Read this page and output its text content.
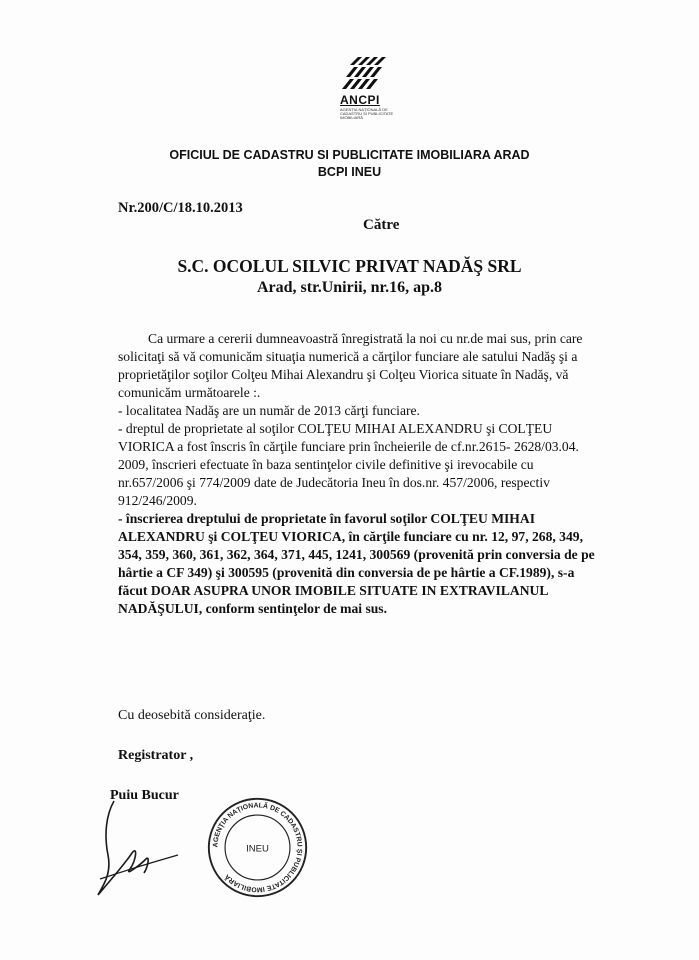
ANCPI
AGENȚIA NAȚIONALĂ DE CADASTRU ȘI PUBLICITATE IMOBILIARĂ
OFICIUL DE CADASTRU SI PUBLICITATE IMOBILIARA ARAD
BCPI INEU
Nr.200/C/18.10.2013
Către
S.C. OCOLUL SILVIC PRIVAT NADĂŞ SRL
Arad, str.Unirii, nr.16, ap.8
Ca urmare a cererii dumneavoastră înregistrată la noi cu nr.de mai sus, prin care
solicitaţi să vă comunicăm situaţia numerică a cărţilor funciare ale satului Nadăş şi a
proprietăţilor soţilor Colţeu Mihai Alexandru şi Colţeu Viorica situate în Nadăş, vă
comunicăm următoarele :.
- localitatea Nadăş are un număr de 2013 cărţi funciare.
- dreptul de proprietate al soţilor COLŢEU MIHAI ALEXANDRU şi COLŢEU
VIORICA a fost înscris în cărţile funciare prin încheierile de cf.nr.2615- 2628/03.04.
2009, înscrieri efectuate în baza sentinţelor civile definitive şi irevocabile cu
nr.657/2006 şi 774/2009 date de Judecătoria Ineu în dos.nr. 457/2006, respectiv
912/246/2009.
- înscrierea dreptului de proprietate în favorul soţilor COLŢEU MIHAI
ALEXANDRU şi COLŢEU VIORICA, în cărţile funciare cu nr. 12, 97, 268, 349,
354, 359, 360, 361, 362, 364, 371, 445, 1241, 300569 (provenită prin conversia de pe
hârtie a CF 349) şi 300595 (provenită din conversia de pe hârtie a CF.1989), s-a
făcut DOAR ASUPRA UNOR IMOBILE SITUATE IN EXTRAVILANUL
NADĂŞULUI, conform sentinţelor de mai sus.
Cu deosebită consideraţie.
Registrator ,
Puiu Bucur
AGENȚIA NAȚIONALĂ DE CADASTRU ȘI PUBLICITATE IMOBILIARĂ
INEU
